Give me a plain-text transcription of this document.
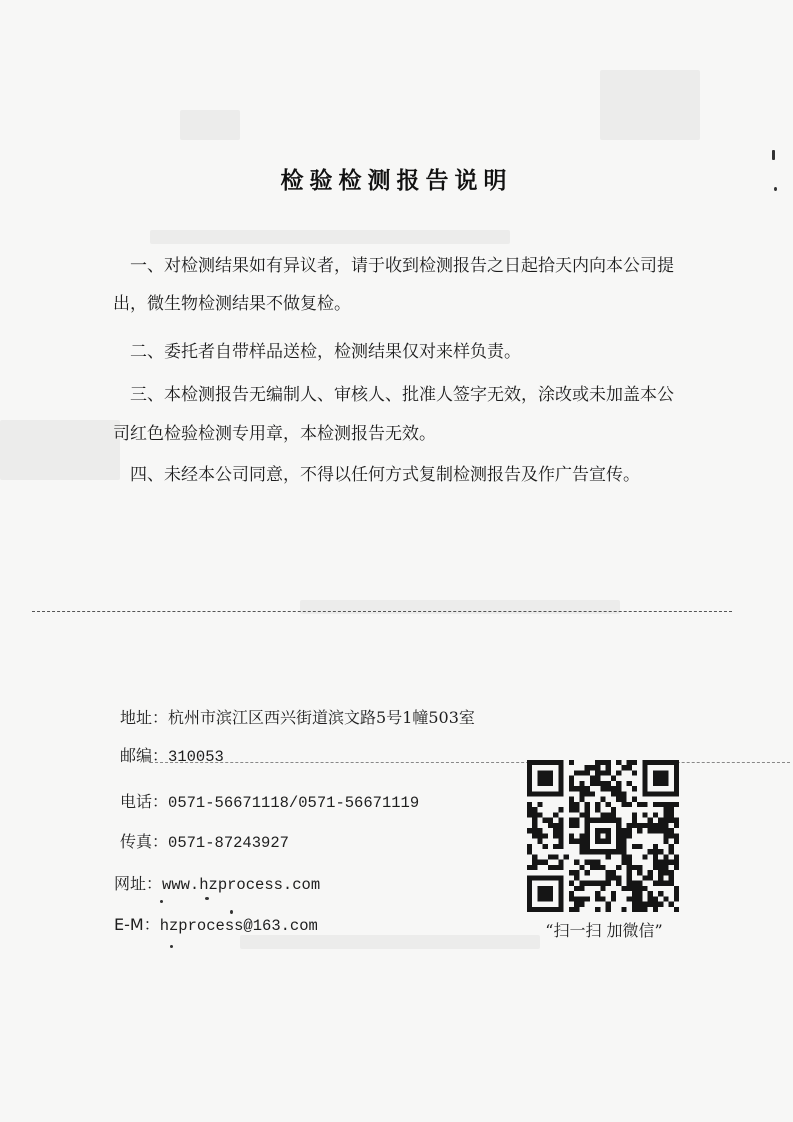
检验检测报告说明
一、对检测结果如有异议者，请于收到检测报告之日起拾天内向本公司提
出，微生物检测结果不做复检。
二、委托者自带样品送检，检测结果仅对来样负责。
三、本检测报告无编制人、审核人、批准人签字无效，涂改或未加盖本公
司红色检验检测专用章，本检测报告无效。
四、未经本公司同意，不得以任何方式复制检测报告及作广告宣传。
地址：杭州市滨江区西兴街道滨文路5号1幢503室
邮编：310053
电话：0571-56671118/0571-56671119
传真：0571-87243927
网址：www.hzprocess.com
E-M：hzprocess@163.com	“扫一扫 加微信”
